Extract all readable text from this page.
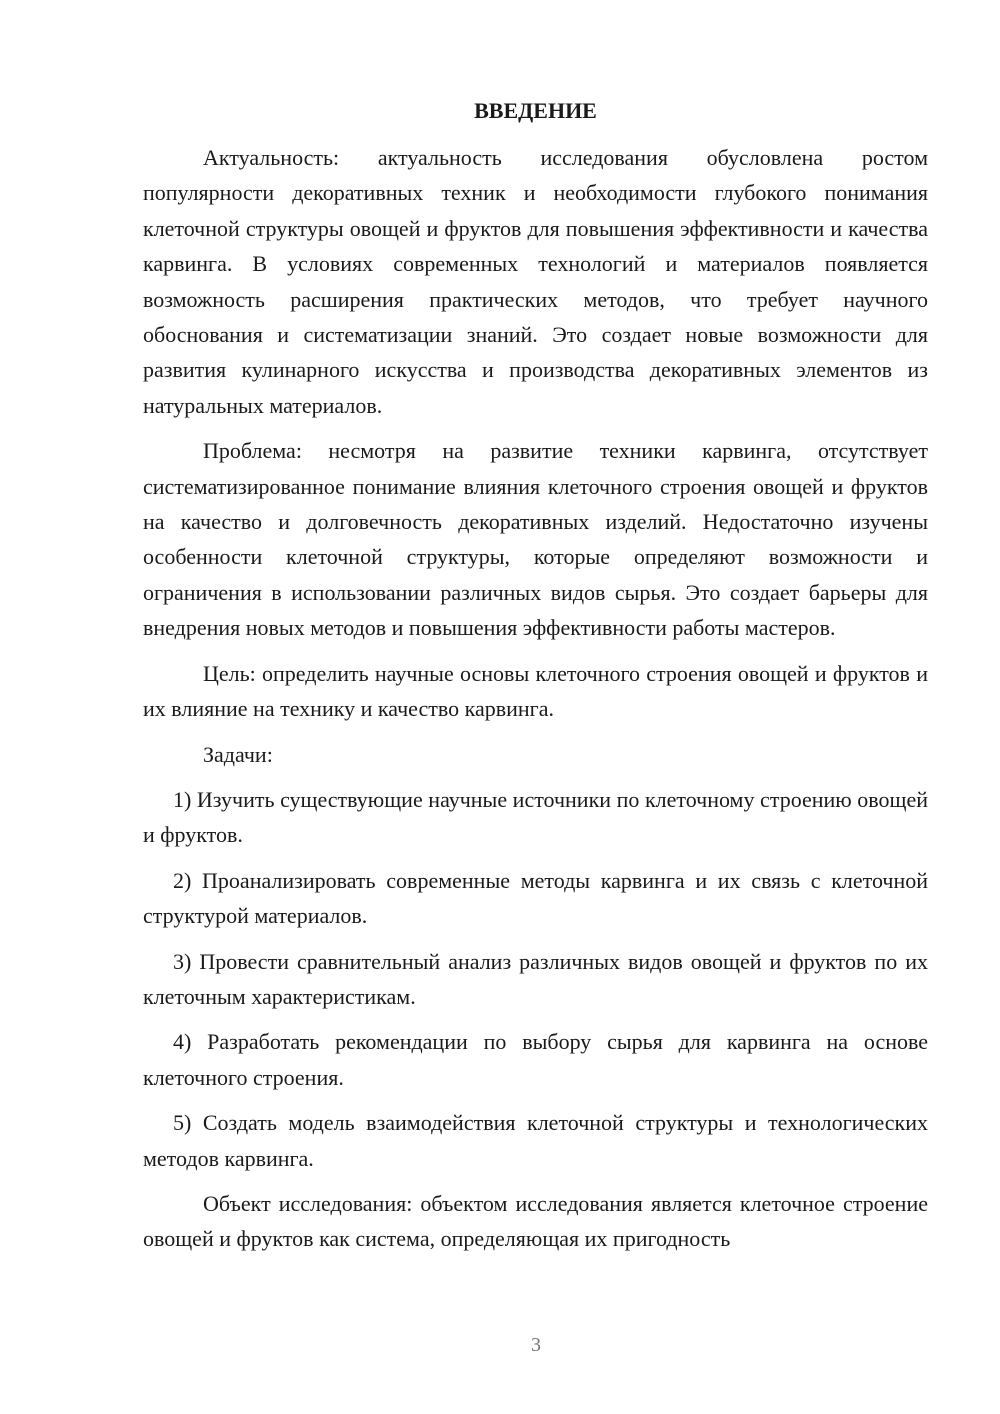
ВВЕДЕНИЕ

Актуальность: актуальность исследования обусловлена ростом популярности декоративных техник и необходимости глубокого понимания клеточной структуры овощей и фруктов для повышения эффективности и качества карвинга. В условиях современных технологий и материалов появляется возможность расширения практических методов, что требует научного обоснования и систематизации знаний. Это создает новые возможности для развития кулинарного искусства и производства декоративных элементов из натуральных материалов.

Проблема: несмотря на развитие техники карвинга, отсутствует систематизированное понимание влияния клеточного строения овощей и фруктов на качество и долговечность декоративных изделий. Недостаточно изучены особенности клеточной структуры, которые определяют возможности и ограничения в использовании различных видов сырья. Это создает барьеры для внедрения новых методов и повышения эффективности работы мастеров.

Цель: определить научные основы клеточного строения овощей и фруктов и их влияние на технику и качество карвинга.

Задачи:

1) Изучить существующие научные источники по клеточному строению овощей и фруктов.

2) Проанализировать современные методы карвинга и их связь с клеточной структурой материалов.

3) Провести сравнительный анализ различных видов овощей и фруктов по их клеточным характеристикам.

4) Разработать рекомендации по выбору сырья для карвинга на основе клеточного строения.

5) Создать модель взаимодействия клеточной структуры и технологических методов карвинга.

Объект исследования: объектом исследования является клеточное строение овощей и фруктов как система, определяющая их пригодность

3
